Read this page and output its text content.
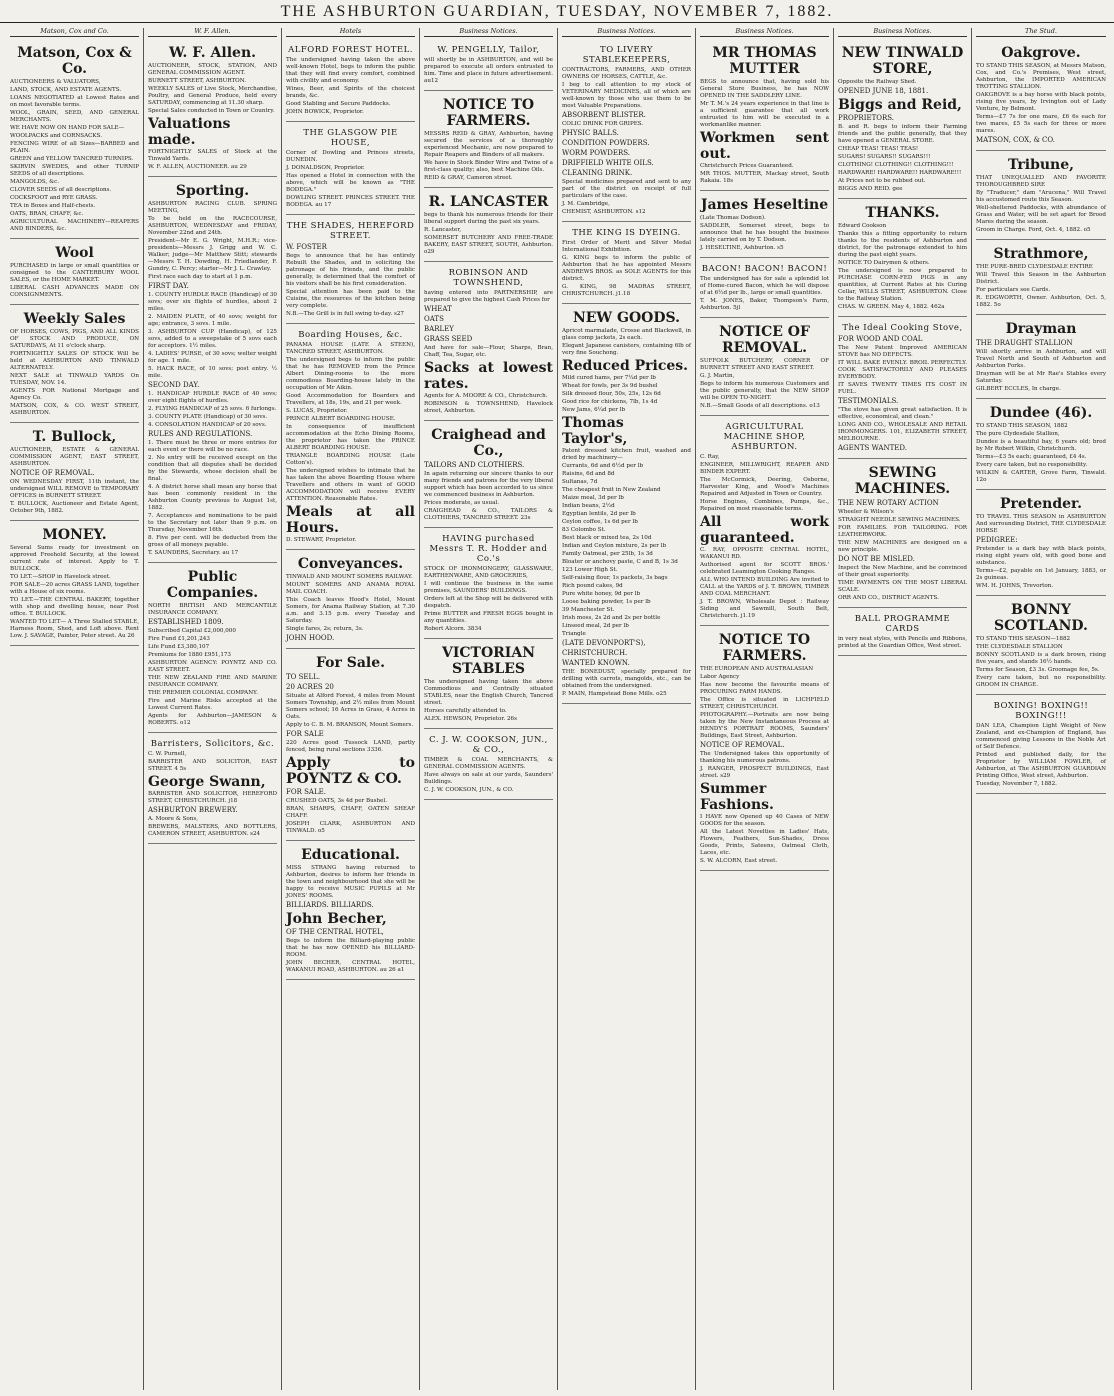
THE ASHBURTON GUARDIAN, TUESDAY, NOVEMBER 7, 1882.
Matson, Cox and Co.
Matson, Cox & Co.

AUCTIONEERS & VALUATORS,

LAND, STOCK, AND ESTATE AGENTS.

LOANS NEGOTIATED at Lowest Rates and on most favorable terms.

WOOL, GRAIN, SEED, AND GENERAL MERCHANTS.

WE HAVE NOW ON HAND FOR SALE—

WOOLPACKS and CORNSACKS.

FENCING WIRE of all Sizes—BARBED and PLAIN.

GREEN and YELLOW TANCRED TURNIPS.

SKIRVIN SWEDES, and other TURNIP SEEDS of all descriptions.

MANGOLDS, &c.

CLOVER SEEDS of all descriptions.

COCKSFOOT and RYE GRASS.

TEA in Boxes and Half-chests.

OATS, BRAN, CHAFF, &c.

AGRICULTURAL MACHINERY—REAPERS AND BINDERS, &c.

Wool

PURCHASED in large or small quantities or consigned to the CANTERBURY WOOL SALES, or the HOME MARKET.

LIBERAL CASH ADVANCES MADE ON CONSIGNMENTS.

Weekly Sales

OF HORSES, COWS, PIGS, AND ALL KINDS OF STOCK AND PRODUCE, ON SATURDAYS, At 11 o'clock sharp.

FORTNIGHTLY SALES OF STOCK Will be held at ASHBURTON AND TINWALD ALTERNATELY.

NEXT SALE at TINWALD YARDS On TUESDAY, NOV. 14.

AGENTS FOR National Mortgage and Agency Co.

MATSON, COX, & CO. WEST STREET, ASHBURTON.

T. Bullock,

AUCTIONEER, ESTATE & GENERAL COMMISSION AGENT, EAST STREET, ASHBURTON.

NOTICE OF REMOVAL.

ON WEDNESDAY FIRST, 11th instant, the undersigned WILL REMOVE to TEMPORARY OFFICES in BURNETT STREET.

T. BULLOCK, Auctioneer and Estate Agent, October 9th, 1882.

MONEY.

Several Sums ready for investment on approved Freehold Security, at the lowest current rate of interest. Apply to T. BULLOCK.

TO LET.—SHOP in Havelock street.

FOR SALE—20 acres GRASS LAND, together with a House of six rooms.

TO LET.—THE CENTRAL BAKERY, together with shop and dwelling house, near Post office. T. BULLOCK.

WANTED TO LET— A Three Stalled STABLE, Harness Room, Shed, and Loft above. Rent Low. J. SAVAGE, Painter, Peter street. Au 26

W. F. Allen.
W. F. Allen.

AUCTIONEER, STOCK, STATION, AND GENERAL COMMISSION AGENT.

BURNETT STREET, ASHBURTON.

WEEKLY SALES of Live Stock, Merchandise, Poultry, and General Produce, held every SATURDAY, commencing at 11.30 sharp.

Special Sales conducted in Town or Country.

Valuations made.

FORTNIGHTLY SALES of Stock at the Tinwald Yards.

W. F. ALLEN, AUCTIONEER. au 29

Sporting.

ASHBURTON RACING CLUB. SPRING MEETING,

To be held on the RACECOURSE, ASHBURTON, WEDNESDAY and FRIDAY, November 22nd and 24th.

President—Mr E. G. Wright, M.H.R.; vice-presidents—Messrs J. Grigg and W. C. Walker; judge—Mr Matthew Stitt; stewards—Messrs T. H. Dowding, H. Friedlander, F. Gundry, C. Percy; starter—Mr J. L. Crawley.

First race each day to start at 1 p.m.

FIRST DAY.

1. COUNTY HURDLE RACE (Handicap) of 30 sovs; over six flights of hurdles, about 2 miles.

2. MAIDEN PLATE, of 40 sovs; weight for age; entrance, 3 sovs. 1 mile.

3. ASHBURTON CUP (Handicap), of 125 sovs, added to a sweepstake of 5 sovs each for acceptors. 1½ miles.

4. LADIES' PURSE, of 30 sovs; welter weight for age. 1 mile.

5. HACK RACE, of 10 sovs; post entry. ½ mile.

SECOND DAY.

1. HANDICAP HURDLE RACE of 40 sovs; over eight flights of hurdles.

2. FLYING HANDICAP of 25 sovs. 6 furlongs.

3. COUNTY PLATE (Handicap) of 30 sovs.

4. CONSOLATION HANDICAP of 20 sovs.

RULES AND REGULATIONS.

1. There must be three or more entries for each event or there will be no race.

2. No entry will be received except on the condition that all disputes shall be decided by the Stewards, whose decision shall be final.

4. A district horse shall mean any horse that has been commonly resident in the Ashburton County previous to August 1st, 1882.

7. Acceptances and nominations to be paid to the Secretary not later than 9 p.m. on Thursday, November 16th.

8. Five per cent. will be deducted from the gross of all moneys payable.

T. SAUNDERS, Secretary. au 17

Public Companies.

NORTH BRITISH AND MERCANTILE INSURANCE COMPANY.

ESTABLISHED 1809.

Subscribed Capital £2,000,000

Fire Fund £1,201,243

Life Fund £3,380,107

Premiums for 1880 £951,173

ASHBURTON AGENCY: POYNTZ AND CO. EAST STREET.

THE NEW ZEALAND FIRE AND MARINE INSURANCE COMPANY.

THE PREMIER COLONIAL COMPANY.

Fire and Marine Risks accepted at the Lowest Current Rates.

Agents for Ashburton—JAMESON & ROBERTS. o12

Barristers, Solicitors, &c.

C. W. Purnell,

BARRISTER AND SOLICITOR, EAST STREET. 4 5s

George Swann,

BARRISTER AND SOLICITOR, HEREFORD STREET, CHRISTCHURCH. j18

ASHBURTON BREWERY.

A. Moore & Sons,

BREWERS, MALSTERS, AND BOTTLERS, CAMERON STREET, ASHBURTON. s24

Hotels
ALFORD FOREST HOTEL.

The undersigned having taken the above well-known Hotel, begs to inform the public that they will find every comfort, combined with civility and economy.

Wines, Beer, and Spirits of the choicest brands, &c.

Good Stabling and Secure Paddocks.

JOHN BOWICK, Proprietor.

THE GLASGOW PIE HOUSE,

Corner of Dowling and Princes streets, DUNEDIN.

J. DONALDSON, Proprietor.

Has opened a Hotel in connection with the above, which will be known as "THE BODEGA."

DOWLING STREET. PRINCES STREET. THE BODEGA. au 17

THE SHADES, HEREFORD STREET.

W. FOSTER

Begs to announce that he has entirely Rebuilt the Shades, and in soliciting the patronage of his friends, and the public generally, is determined that the comfort of his visitors shall be his first consideration.

Special attention has been paid to the Cuisine, the resources of the kitchen being very complete.

N.B.—The Grill is in full swing to-day. s27

Boarding Houses, &c.

PANAMA HOUSE (LATE A STEEN), TANCRED STREET, ASHBURTON.

The undersigned begs to inform the public that he has REMOVED from the Prince Albert Dining-rooms to the more commodious Boarding-house lately in the occupation of Mr Aikin.

Good Accommodation for Boarders and Travellers, at 18s, 19s, and 21 per week.

S. LUCAS, Proprietor.

PRINCE ALBERT BOARDING HOUSE.

In consequence of insufficient accommodation at the Echo Dining Rooms, the proprietor has taken the PRINCE ALBERT BOARDING HOUSE.

TRIANGLE BOARDING HOUSE (Late Cotton's).

The undersigned wishes to intimate that he has taken the above Boarding House where Travellers and others in want of GOOD ACCOMMODATION will receive EVERY ATTENTION. Reasonable Rates.

Meals at all Hours.

D. STEWART, Proprietor.

Conveyances.

TINWALD AND MOUNT SOMERS RAILWAY.

MOUNT SOMERS AND ANAMA ROYAL MAIL COACH.

This Coach leaves Hood's Hotel, Mount Somers, for Anama Railway Station, at 7.30 a.m. and 3.15 p.m. every Tuesday and Saturday.

Single fares, 2s; return, 3s.

JOHN HOOD.

For Sale.

TO SELL.

20 ACRES 20

Situate at Alford Forest, 4 miles from Mount Somers Township, and 2½ miles from Mount Somers school; 16 Acres in Grass, 4 Acres in Oats.

Apply to C. B. M. BRANSON, Mount Somers.

FOR SALE

220 Acres good Tussock LAND, partly fenced, being rural sections 3336.

Apply to POYNTZ & CO.

FOR SALE.

CRUSHED OATS, 3s 4d per Bushel.

BRAN, SHARPS, CHAFF, OATEN SHEAF CHAFF.

JOSEPH CLARK, ASHBURTON AND TINWALD. o5

Educational.

MISS STRANG having returned to Ashburton, desires to inform her friends in the town and neighbourhood that she will be happy to receive MUSIC PUPILS at Mr JONES' ROOMS.

BILLIARDS. BILLIARDS.

John Becher,

OF THE CENTRAL HOTEL,

Begs to inform the Billiard-playing public that he has now OPENED his BILLIARD-ROOM.

JOHN BECHER, CENTRAL HOTEL, WAKANUI ROAD, ASHBURTON. au 26 a1

Business Notices.
W. PENGELLY, Tailor,

will shortly be in ASHBURTON, and will be prepared to execute all orders entrusted to him. Time and place in future advertisement. au12

NOTICE TO FARMERS.

MESSRS REID & GRAY, Ashburton, having secured the services of a thoroughly experienced Mechanic, are now prepared to Repair Reapers and Binders of all makers.

We have in Stock Binder Wire and Twine of a first-class quality; also, best Machine Oils.

REID & GRAY, Cameron street.

R. LANCASTER

begs to thank his numerous friends for their liberal support during the past six years.

R. Lancaster,

SOMERSET BUTCHERY AND FREE-TRADE BAKERY, EAST STREET, SOUTH, Ashburton. o29

ROBINSON AND TOWNSHEND,

having entered into PARTNERSHIP, are prepared to give the highest Cash Prices for

WHEAT

OATS

BARLEY

GRASS SEED

And have for sale—Flour, Sharps, Bran, Chaff, Tea, Sugar, etc.

Sacks at lowest rates.

Agents for A. MOORE & CO., Christchurch.

ROBINSON & TOWNSHEND, Havelock street, Ashburton.

Craighead and Co.,

TAILORS AND CLOTHIERS.

In again returning our sincere thanks to our many friends and patrons for the very liberal support which has been accorded to us since we commenced business in Ashburton.

Prices moderate, as usual.

CRAIGHEAD & CO., TAILORS & CLOTHIERS, TANCRED STREET. 23s

HAVING purchased Messrs T. R. Hodder and Co.'s

STOCK OF IRONMONGERY, GLASSWARE, EARTHENWARE, AND GROCERIES,

I will continue the business in the same premises, SAUNDERS' BUILDINGS.

Orders left at the Shop will be delivered with despatch.

Prime BUTTER and FRESH EGGS bought in any quantities.

Robert Alcorn. 3834

VICTORIAN STABLES

The undersigned having taken the above Commodious and Centrally situated STABLES, near the English Church, Tancred street.

Horses carefully attended to.

ALEX. HEWSON, Proprietor. 26s

C. J. W. COOKSON, JUN., & CO.,

TIMBER & COAL MERCHANTS, & GENERAL COMMISSION AGENTS.

Have always on sale at our yards, Saunders' Buildings.

C. J. W. COOKSON, JUN., & CO.

Business Notices.
TO LIVERY STABLEKEEPERS,

CONTRACTORS, FARMERS, AND OTHER OWNERS OF HORSES, CATTLE, &c.

I beg to call attention to my stock of VETERINARY MEDICINES, all of which are well-known by those who use them to be most Valuable Preparations.

ABSORBENT BLISTER.

COLIC DRINK FOR GRIPES.

PHYSIC BALLS.

CONDITION POWDERS.

WORM POWDERS.

DRIFFIELD WHITE OILS.

CLEANING DRINK.

Special medicines prepared and sent to any part of the district on receipt of full particulars of the case.

J. M. Cambridge,

CHEMIST, ASHBURTON. s12

THE KING IS DYEING.

First Order of Merit and Silver Medal International Exhibition.

G. KING begs to inform the public of Ashburton that he has appointed Messrs ANDREWS BROS. as SOLE AGENTS for this district.

G. KING, 98 MADRAS STREET, CHRISTCHURCH. j1.18

NEW GOODS.

Apricot marmalade, Crosse and Blackwell, in glass comp jackets, 2s each.

Elegant Japanese canisters, containing 6lb of very fine Souchong.

Reduced Prices.

Mild cured hams, per 7¼d per lb

Wheat for fowls, per 3s 9d bushel

Silk dressed flour, 50s, 25s, 12s 6d

Good rice for chickens, 7lb, 1s 4d

New Jams, 6¼d per lb

Thomas Taylor's,

Patent dressed kitchen fruit, washed and dried by machinery—

Currants, 6d and 6½d per lb

Raisins, 6d and 8d

Sultanas, 7d

The cheapest fruit in New Zealand

Maize meal, 3d per lb

Indian beans, 2½d

Egyptian lentils, 2d per lb

Ceylon coffee, 1s 6d per lb

83 Colombo St.

Best black or mixed tea, 2s 10d

Indian and Ceylon mixture, 2s per lb

Family Oatmeal, per 25lb, 1s 3d

Bloater or anchovy paste, C and B, 1s 3d

123 Lower High St.

Self-raising flour, 1s packets, 3s bags

Rich pound cakes, 9d

Pure white honey, 9d per lb

Loose baking powder, 1s per lb

39 Manchester St.

Irish moss, 2s 2d and 2s per bottle

Linseed meal, 2d per lb

Triangle

(LATE DEVONPORT'S),

CHRISTCHURCH.

WANTED KNOWN.

THE BONEDUST, specially prepared for drilling with carrots, mangolds, etc., can be obtained from the undersigned.

P. MAIN, Hampstead Bone Mills. o25

Business Notices.
MR THOMAS MUTTER

BEGS to announce that, having sold his General Store Business, he has NOW OPENED IN THE SADDLERY LINE.

Mr T. M.'s 24 years experience in that line is a sufficient guarantee that all work entrusted to him will be executed in a workmanlike manner.

Workmen sent out.

Christchurch Prices Guaranteed.

MR THOS. MUTTER, Mackay street, South Rakaia. 18s

James Heseltine

(Late Thomas Dodson).

SADDLER, Somerset street, begs to announce that he has bought the business lately carried on by T. Dodson.

J. HESELTINE, Ashburton. s5

BACON! BACON! BACON!

The undersigned has for sale a splendid lot of Home-cured Bacon, which he will dispose of at 6½d per lb., large or small quantities.

T. M. JONES, Baker, Thompson's Farm, Ashburton. 5jl

NOTICE OF REMOVAL.

SUFFOLK BUTCHERY, CORNER OF BURNETT STREET AND EAST STREET.

G. J. Martin,

Begs to inform his numerous Customers and the public generally, that the NEW SHOP will be OPEN TO-NIGHT.

N.B.—Small Goods of all descriptions. o13

AGRICULTURAL MACHINE SHOP, ASHBURTON.

C. Ray,

ENGINEER, MILLWRIGHT, REAPER AND BINDER EXPERT.

The McCormick, Deering, Osborne, Harvester King, and Wood's Machines Repaired and Adjusted in Town or Country.

Horse Engines, Combines, Pumps, &c., Repaired on most reasonable terms.

All work guaranteed.

C. RAY, OPPOSITE CENTRAL HOTEL, WAKANUI RD.

Authorised agent for SCOTT BROS.' celebrated Leamington Cooking Ranges.

ALL WHO INTEND BUILDING Are invited to CALL at the YARDS of J. T. BROWN, TIMBER AND COAL MERCHANT.

J. T. BROWN, Wholesale Depot : Railway Siding and Sawmill, South Belt, Christchurch. j1.19

NOTICE TO FARMERS.

THE EUROPEAN AND AUSTRALASIAN

Labor Agency

Has now become the favourite means of PROCURING FARM HANDS.

The Office is situated in LICHFIELD STREET, CHRISTCHURCH.

PHOTOGRAPHY.—Portraits are now being taken by the New Instantaneous Process at HENDY'S PORTRAIT ROOMS, Saunders' Buildings, East Street, Ashburton.

NOTICE OF REMOVAL.

The Undersigned takes this opportunity of thanking his numerous patrons.

J. RANGER, PROSPECT BUILDINGS, East street. s29

Summer Fashions.

I HAVE now Opened up 40 Cases of NEW GOODS for the season.

All the Latest Novelties in Ladies' Hats, Flowers, Feathers, Sun-Shades, Dress Goods, Prints, Sateens, Oatmeal Cloth, Laces, etc.

S. W. ALCORN, East street.

Business Notices.
NEW TINWALD STORE,

Opposite the Railway Shed.

OPENED JUNE 18, 1881.

Biggs and Reid,

PROPRIETORS.

B. and R. begs to inform their Farming friends and the public generally, that they have opened a GENERAL STORE.

CHEAP TEAS! TEAS! TEAS!

SUGARS! SUGARS!! SUGARS!!!

CLOTHING! CLOTHING!! CLOTHING!!!

HARDWARE! HARDWARE!! HARDWARE!!!

At Prices not to be rubbed out.

BIGGS AND REID. gee

THANKS.

Edward Cookson

Thanks this a fitting opportunity to return thanks to the residents of Ashburton and district, for the patronage extended to him during the past eight years.

NOTICE TO Dairymen & others.

The undersigned is now prepared to PURCHASE CORN-FED PIGS in any quantities, at Current Rates at his Curing Cellar, WILLS STREET, ASHBURTON. Close to the Railway Station.

CHAS. W. GREEN. May 4, 1882. 462a

The Ideal Cooking Stove,

FOR WOOD AND COAL

The New Patent Improved AMERICAN STOVE has NO DEFECTS.

IT WILL BAKE EVENLY. BROIL PERFECTLY. COOK SATISFACTORILY AND PLEASES EVERYBODY.

IT SAVES TWENTY TIMES ITS COST IN FUEL.

TESTIMONIALS.

"The stove has given great satisfaction. It is effective, economical, and clean."

LONG AND CO., WHOLESALE AND RETAIL IRONMONGERS. 101, ELIZABETH STREET, MELBOURNE.

AGENTS WANTED.

SEWING MACHINES.

THE NEW ROTARY ACTION

Wheeler & Wilson's

STRAIGHT NEEDLE SEWING MACHINES.

FOR FAMILIES. FOR TAILORING. FOR LEATHERWORK.

THE NEW MACHINES are designed on a new principle.

DO NOT BE MISLED.

Inspect the New Machine, and be convinced of their great superiority.

TIME PAYMENTS ON THE MOST LIBERAL SCALE.

ORR AND CO., DISTRICT AGENTS.

BALL PROGRAMME CARDS

in very neat styles, with Pencils and Ribbons, printed at the Guardian Office, West street.

The Stud.
Oakgrove.

TO STAND THIS SEASON, at Messrs Matson, Cox, and Co.'s Premises, West street, Ashburton, the IMPORTED AMERICAN TROTTING STALLION.

OAKGROVE is a bay horse with black points, rising five years, by Irvington out of Lady Venture, by Belmont.

Terms—£7 7s for one mare, £6 6s each for two mares, £5 5s each for three or more mares.

MATSON, COX, & CO.

Tribune,

THAT UNEQUALLED AND FAVORITE THOROUGHBRED SIRE

By "Traducer," dam "Arucena," Will Travel his accustomed route this Season.

Well-sheltered Paddocks, with abundance of Grass and Water, will be set apart for Brood Mares during the season.

Groom in Charge. Ford, Oct. 4, 1882. o5

Strathmore,

THE PURE-BRED CLYDESDALE ENTIRE

Will Travel this Season in the Ashburton District.

For particulars see Cards.

R. EDGWORTH, Owner. Ashburton, Oct. 5, 1882. 5o

Drayman

THE DRAUGHT STALLION

Will shortly arrive in Ashburton, and will Travel North and South of Ashburton and Ashburton Forks.

Drayman will be at Mr Rae's Stables every Saturday.

GILBERT ECCLES, In charge.

Dundee (46).

TO STAND THIS SEASON, 1882

The pure Clydesdale Stallion,

Dundee is a beautiful bay, 6 years old; bred by Mr Robert Wilkin, Christchurch.

Terms—£3 5s each; guaranteed, £4 4s.

Every care taken, but no responsibility.

WILKIN & CARTER, Grove Farm, Tinwald. 12o

Pretender.

TO TRAVEL THIS SEASON in ASHBURTON And surrounding District, THE CLYDESDALE HORSE

PEDIGREE:

Pretender is a dark bay with black points, rising eight years old, with good bone and substance.

Terms—£2, payable on 1st January, 1883, or 2s guineas.

WM. H. JOHNS, Trevorton.

BONNY SCOTLAND.

TO STAND THIS SEASON—1882

THE CLYDESDALE STALLION

BONNY SCOTLAND is a dark brown, rising five years, and stands 16½ hands.

Terms for Season, £3 3s. Groomage fee, 5s.

Every care taken, but no responsibility. GROOM IN CHARGE.

BOXING! BOXING!! BOXING!!!

DAN LEA, Champion Light Weight of New Zealand, and ex-Champion of England, has commenced giving Lessons in the Noble Art of Self Defence.

Printed and published daily, for the Proprietor by WILLIAM FOWLER, of Ashburton, at The ASHBURTON GUARDIAN Printing Office, West street, Ashburton.

Tuesday, November 7, 1882.
